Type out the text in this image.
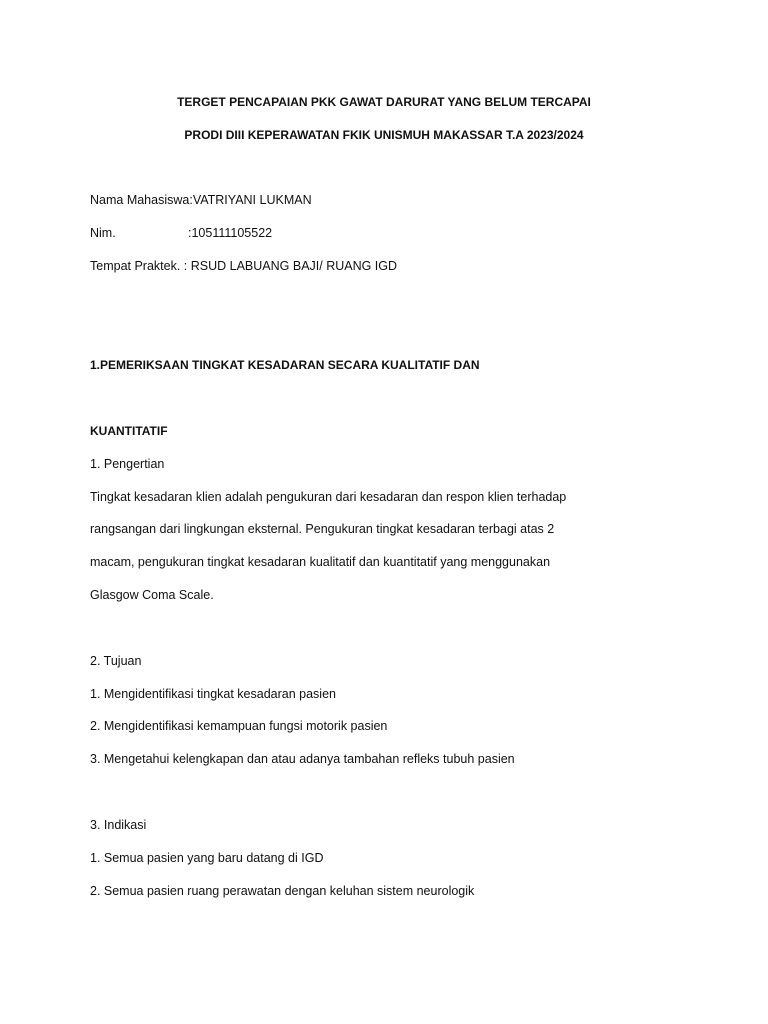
TERGET PENCAPAIAN PKK GAWAT DARURAT YANG BELUM TERCAPAI
PRODI DIII KEPERAWATAN FKIK UNISMUH MAKASSAR T.A 2023/2024
Nama Mahasiswa:VATRIYANI LUKMAN
Nim.	:105111105522
Tempat Praktek. : RSUD LABUANG BAJI/ RUANG IGD
1.PEMERIKSAAN TINGKAT KESADARAN SECARA KUALITATIF DAN
KUANTITATIF
1. Pengertian
Tingkat kesadaran klien adalah pengukuran dari kesadaran dan respon klien terhadap
rangsangan dari lingkungan eksternal. Pengukuran tingkat kesadaran terbagi atas 2
macam, pengukuran tingkat kesadaran kualitatif dan kuantitatif yang menggunakan
Glasgow Coma Scale.
2. Tujuan
1. Mengidentifikasi tingkat kesadaran pasien
2. Mengidentifikasi kemampuan fungsi motorik pasien
3. Mengetahui kelengkapan dan atau adanya tambahan refleks tubuh pasien
3. Indikasi
1. Semua pasien yang baru datang di IGD
2. Semua pasien ruang perawatan dengan keluhan sistem neurologik
